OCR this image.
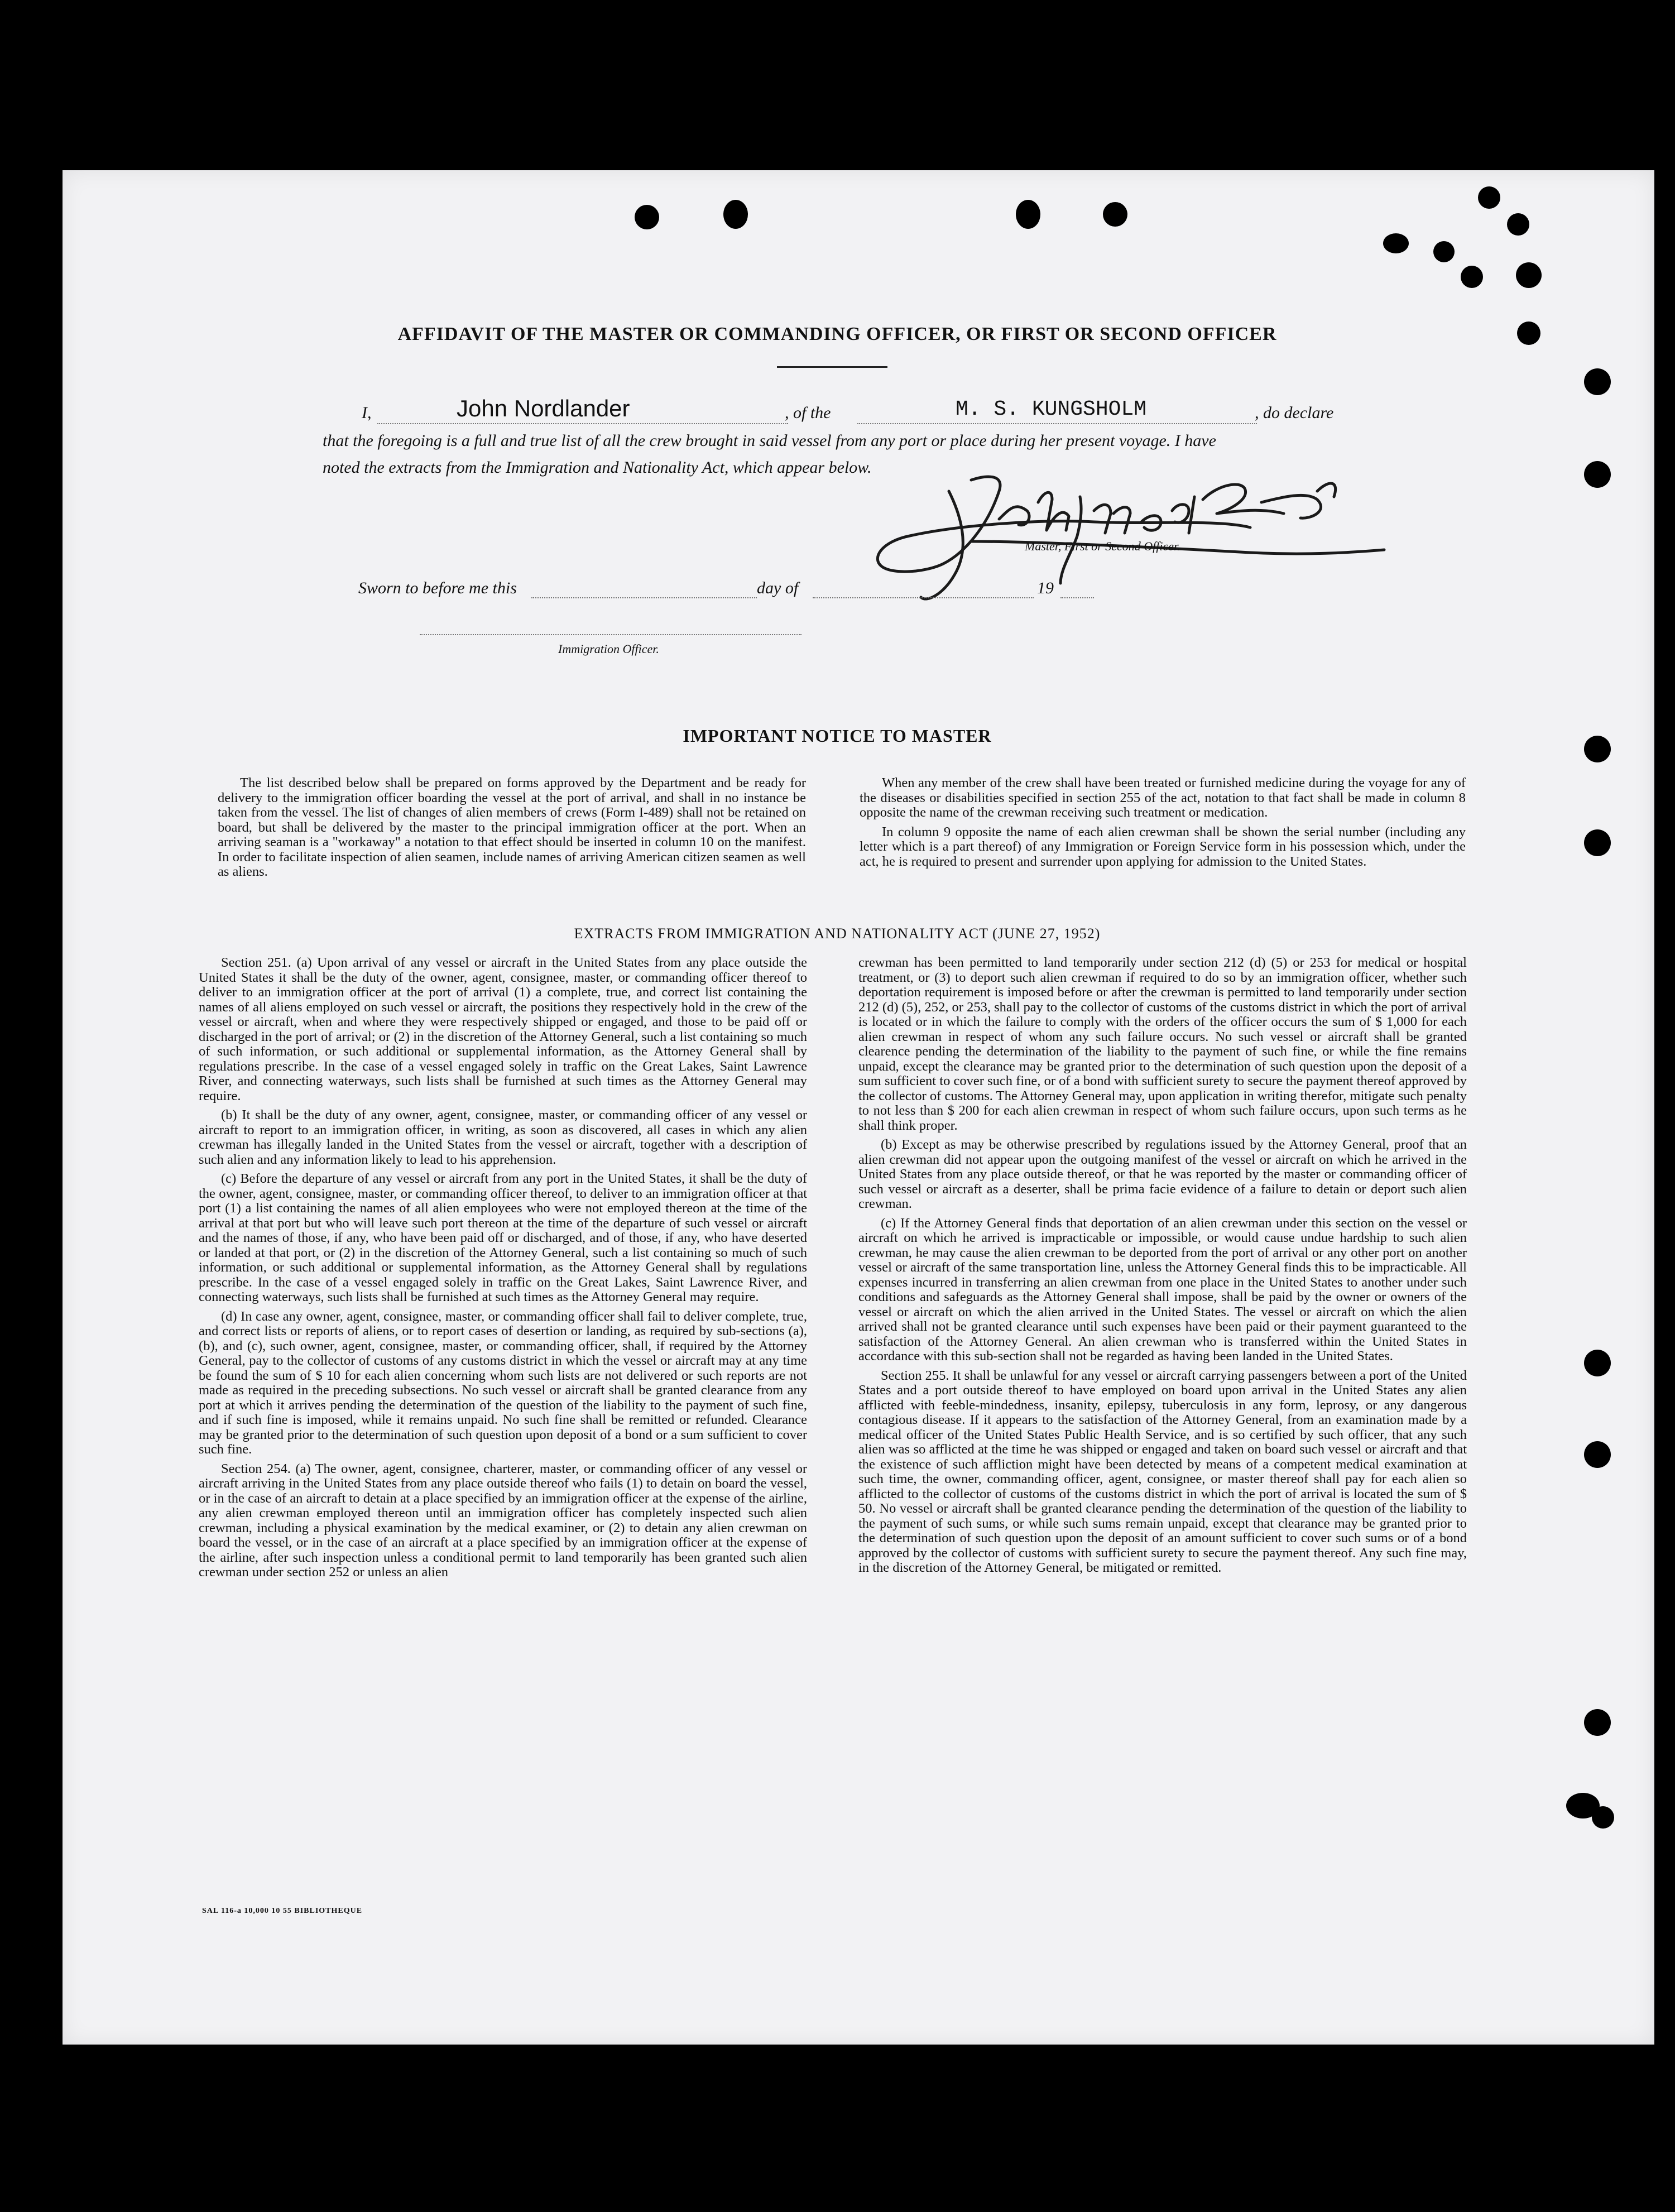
AFFIDAVIT OF THE MASTER OR COMMANDING OFFICER, OR FIRST OR SECOND OFFICER
I,	John Nordlander	, of the	M. S. KUNGSHOLM	, do declare
that the foregoing is a full and true list of all the crew brought in said vessel from any port or place during her present voyage. I have
noted the extracts from the Immigration and Nationality Act, which appear below.
Master, First or Second Officer.
Sworn to before me this	day of	19
Immigration Officer.
IMPORTANT NOTICE TO MASTER

The list described below shall be prepared on forms approved by the Department and be ready for delivery to the immigration officer boarding the vessel at the port of arrival, and shall in no instance be taken from the vessel. The list of changes of alien members of crews (Form I-489) shall not be retained on board, but shall be delivered by the master to the principal immigration officer at the port. When an arriving seaman is a "workaway" a notation to that effect should be inserted in column 10 on the manifest. In order to facilitate inspection of alien seamen, include names of arriving American citizen seamen as well as aliens.

When any member of the crew shall have been treated or furnished medicine during the voyage for any of the diseases or disabilities specified in section 255 of the act, notation to that fact shall be made in column 8 opposite the name of the crewman receiving such treatment or medication.

In column 9 opposite the name of each alien crewman shall be shown the serial number (including any letter which is a part thereof) of any Immigration or Foreign Service form in his possession which, under the act, he is required to present and surrender upon applying for admission to the United States.

EXTRACTS FROM IMMIGRATION AND NATIONALITY ACT (JUNE 27, 1952)

Section 251. (a) Upon arrival of any vessel or aircraft in the United States from any place outside the United States it shall be the duty of the owner, agent, consignee, master, or commanding officer thereof to deliver to an immigration officer at the port of arrival (1) a complete, true, and correct list containing the names of all aliens employed on such vessel or aircraft, the positions they respectively hold in the crew of the vessel or aircraft, when and where they were respectively shipped or engaged, and those to be paid off or discharged in the port of arrival; or (2) in the discretion of the Attorney General, such a list containing so much of such information, or such additional or supplemental information, as the Attorney General shall by regulations prescribe. In the case of a vessel engaged solely in traffic on the Great Lakes, Saint Lawrence River, and connecting waterways, such lists shall be furnished at such times as the Attorney General may require.

(b) It shall be the duty of any owner, agent, consignee, master, or commanding officer of any vessel or aircraft to report to an immigration officer, in writing, as soon as discovered, all cases in which any alien crewman has illegally landed in the United States from the vessel or aircraft, together with a description of such alien and any information likely to lead to his apprehension.

(c) Before the departure of any vessel or aircraft from any port in the United States, it shall be the duty of the owner, agent, consignee, master, or commanding officer thereof, to deliver to an immigration officer at that port (1) a list containing the names of all alien employees who were not employed thereon at the time of the arrival at that port but who will leave such port thereon at the time of the departure of such vessel or aircraft and the names of those, if any, who have been paid off or discharged, and of those, if any, who have deserted or landed at that port, or (2) in the discretion of the Attorney General, such a list containing so much of such information, or such additional or supplemental information, as the Attorney General shall by regulations prescribe. In the case of a vessel engaged solely in traffic on the Great Lakes, Saint Lawrence River, and connecting waterways, such lists shall be furnished at such times as the Attorney General may require.

(d) In case any owner, agent, consignee, master, or commanding officer shall fail to deliver complete, true, and correct lists or reports of aliens, or to report cases of desertion or landing, as required by sub-sections (a), (b), and (c), such owner, agent, consignee, master, or commanding officer, shall, if required by the Attorney General, pay to the collector of customs of any customs district in which the vessel or aircraft may at any time be found the sum of $ 10 for each alien concerning whom such lists are not delivered or such reports are not made as required in the preceding subsections. No such vessel or aircraft shall be granted clearance from any port at which it arrives pending the determination of the question of the liability to the payment of such fine, and if such fine is imposed, while it remains unpaid. No such fine shall be remitted or refunded. Clearance may be granted prior to the determination of such question upon deposit of a bond or a sum sufficient to cover such fine.

Section 254. (a) The owner, agent, consignee, charterer, master, or commanding officer of any vessel or aircraft arriving in the United States from any place outside thereof who fails (1) to detain on board the vessel, or in the case of an aircraft to detain at a place specified by an immigration officer at the expense of the airline, any alien crewman employed thereon until an immigration officer has completely inspected such alien crewman, including a physical examination by the medical examiner, or (2) to detain any alien crewman on board the vessel, or in the case of an aircraft at a place specified by an immigration officer at the expense of the airline, after such inspection unless a conditional permit to land temporarily has been granted such alien crewman under section 252 or unless an alien

crewman has been permitted to land temporarily under section 212 (d) (5) or 253 for medical or hospital treatment, or (3) to deport such alien crewman if required to do so by an immigration officer, whether such deportation requirement is imposed before or after the crewman is permitted to land temporarily under section 212 (d) (5), 252, or 253, shall pay to the collector of customs of the customs district in which the port of arrival is located or in which the failure to comply with the orders of the officer occurs the sum of $ 1,000 for each alien crewman in respect of whom any such failure occurs. No such vessel or aircraft shall be granted clearence pending the determination of the liability to the payment of such fine, or while the fine remains unpaid, except the clearance may be granted prior to the determination of such question upon the deposit of a sum sufficient to cover such fine, or of a bond with sufficient surety to secure the payment thereof approved by the collector of customs. The Attorney General may, upon application in writing therefor, mitigate such penalty to not less than $ 200 for each alien crewman in respect of whom such failure occurs, upon such terms as he shall think proper.

(b) Except as may be otherwise prescribed by regulations issued by the Attorney General, proof that an alien crewman did not appear upon the outgoing manifest of the vessel or aircraft on which he arrived in the United States from any place outside thereof, or that he was reported by the master or commanding officer of such vessel or aircraft as a deserter, shall be prima facie evidence of a failure to detain or deport such alien crewman.

(c) If the Attorney General finds that deportation of an alien crewman under this section on the vessel or aircraft on which he arrived is impracticable or impossible, or would cause undue hardship to such alien crewman, he may cause the alien crewman to be deported from the port of arrival or any other port on another vessel or aircraft of the same transportation line, unless the Attorney General finds this to be impracticable. All expenses incurred in transferring an alien crewman from one place in the United States to another under such conditions and safeguards as the Attorney General shall impose, shall be paid by the owner or owners of the vessel or aircraft on which the alien arrived in the United States. The vessel or aircraft on which the alien arrived shall not be granted clearance until such expenses have been paid or their payment guaranteed to the satisfaction of the Attorney General. An alien crewman who is transferred within the United States in accordance with this sub-section shall not be regarded as having been landed in the United States.

Section 255. It shall be unlawful for any vessel or aircraft carrying passengers between a port of the United States and a port outside thereof to have employed on board upon arrival in the United States any alien afflicted with feeble-mindedness, insanity, epilepsy, tuberculosis in any form, leprosy, or any dangerous contagious disease. If it appears to the satisfaction of the Attorney General, from an examination made by a medical officer of the United States Public Health Service, and is so certified by such officer, that any such alien was so afflicted at the time he was shipped or engaged and taken on board such vessel or aircraft and that the existence of such affliction might have been detected by means of a competent medical examination at such time, the owner, commanding officer, agent, consignee, or master thereof shall pay for each alien so afflicted to the collector of customs of the customs district in which the port of arrival is located the sum of $ 50. No vessel or aircraft shall be granted clearance pending the determination of the question of the liability to the payment of such sums, or while such sums remain unpaid, except that clearance may be granted prior to the determination of such question upon the deposit of an amount sufficient to cover such sums or of a bond approved by the collector of customs with sufficient surety to secure the payment thereof. Any such fine may, in the discretion of the Attorney General, be mitigated or remitted.

SAL 116-a 10,000 10 55 BIBLIOTHEQUE
